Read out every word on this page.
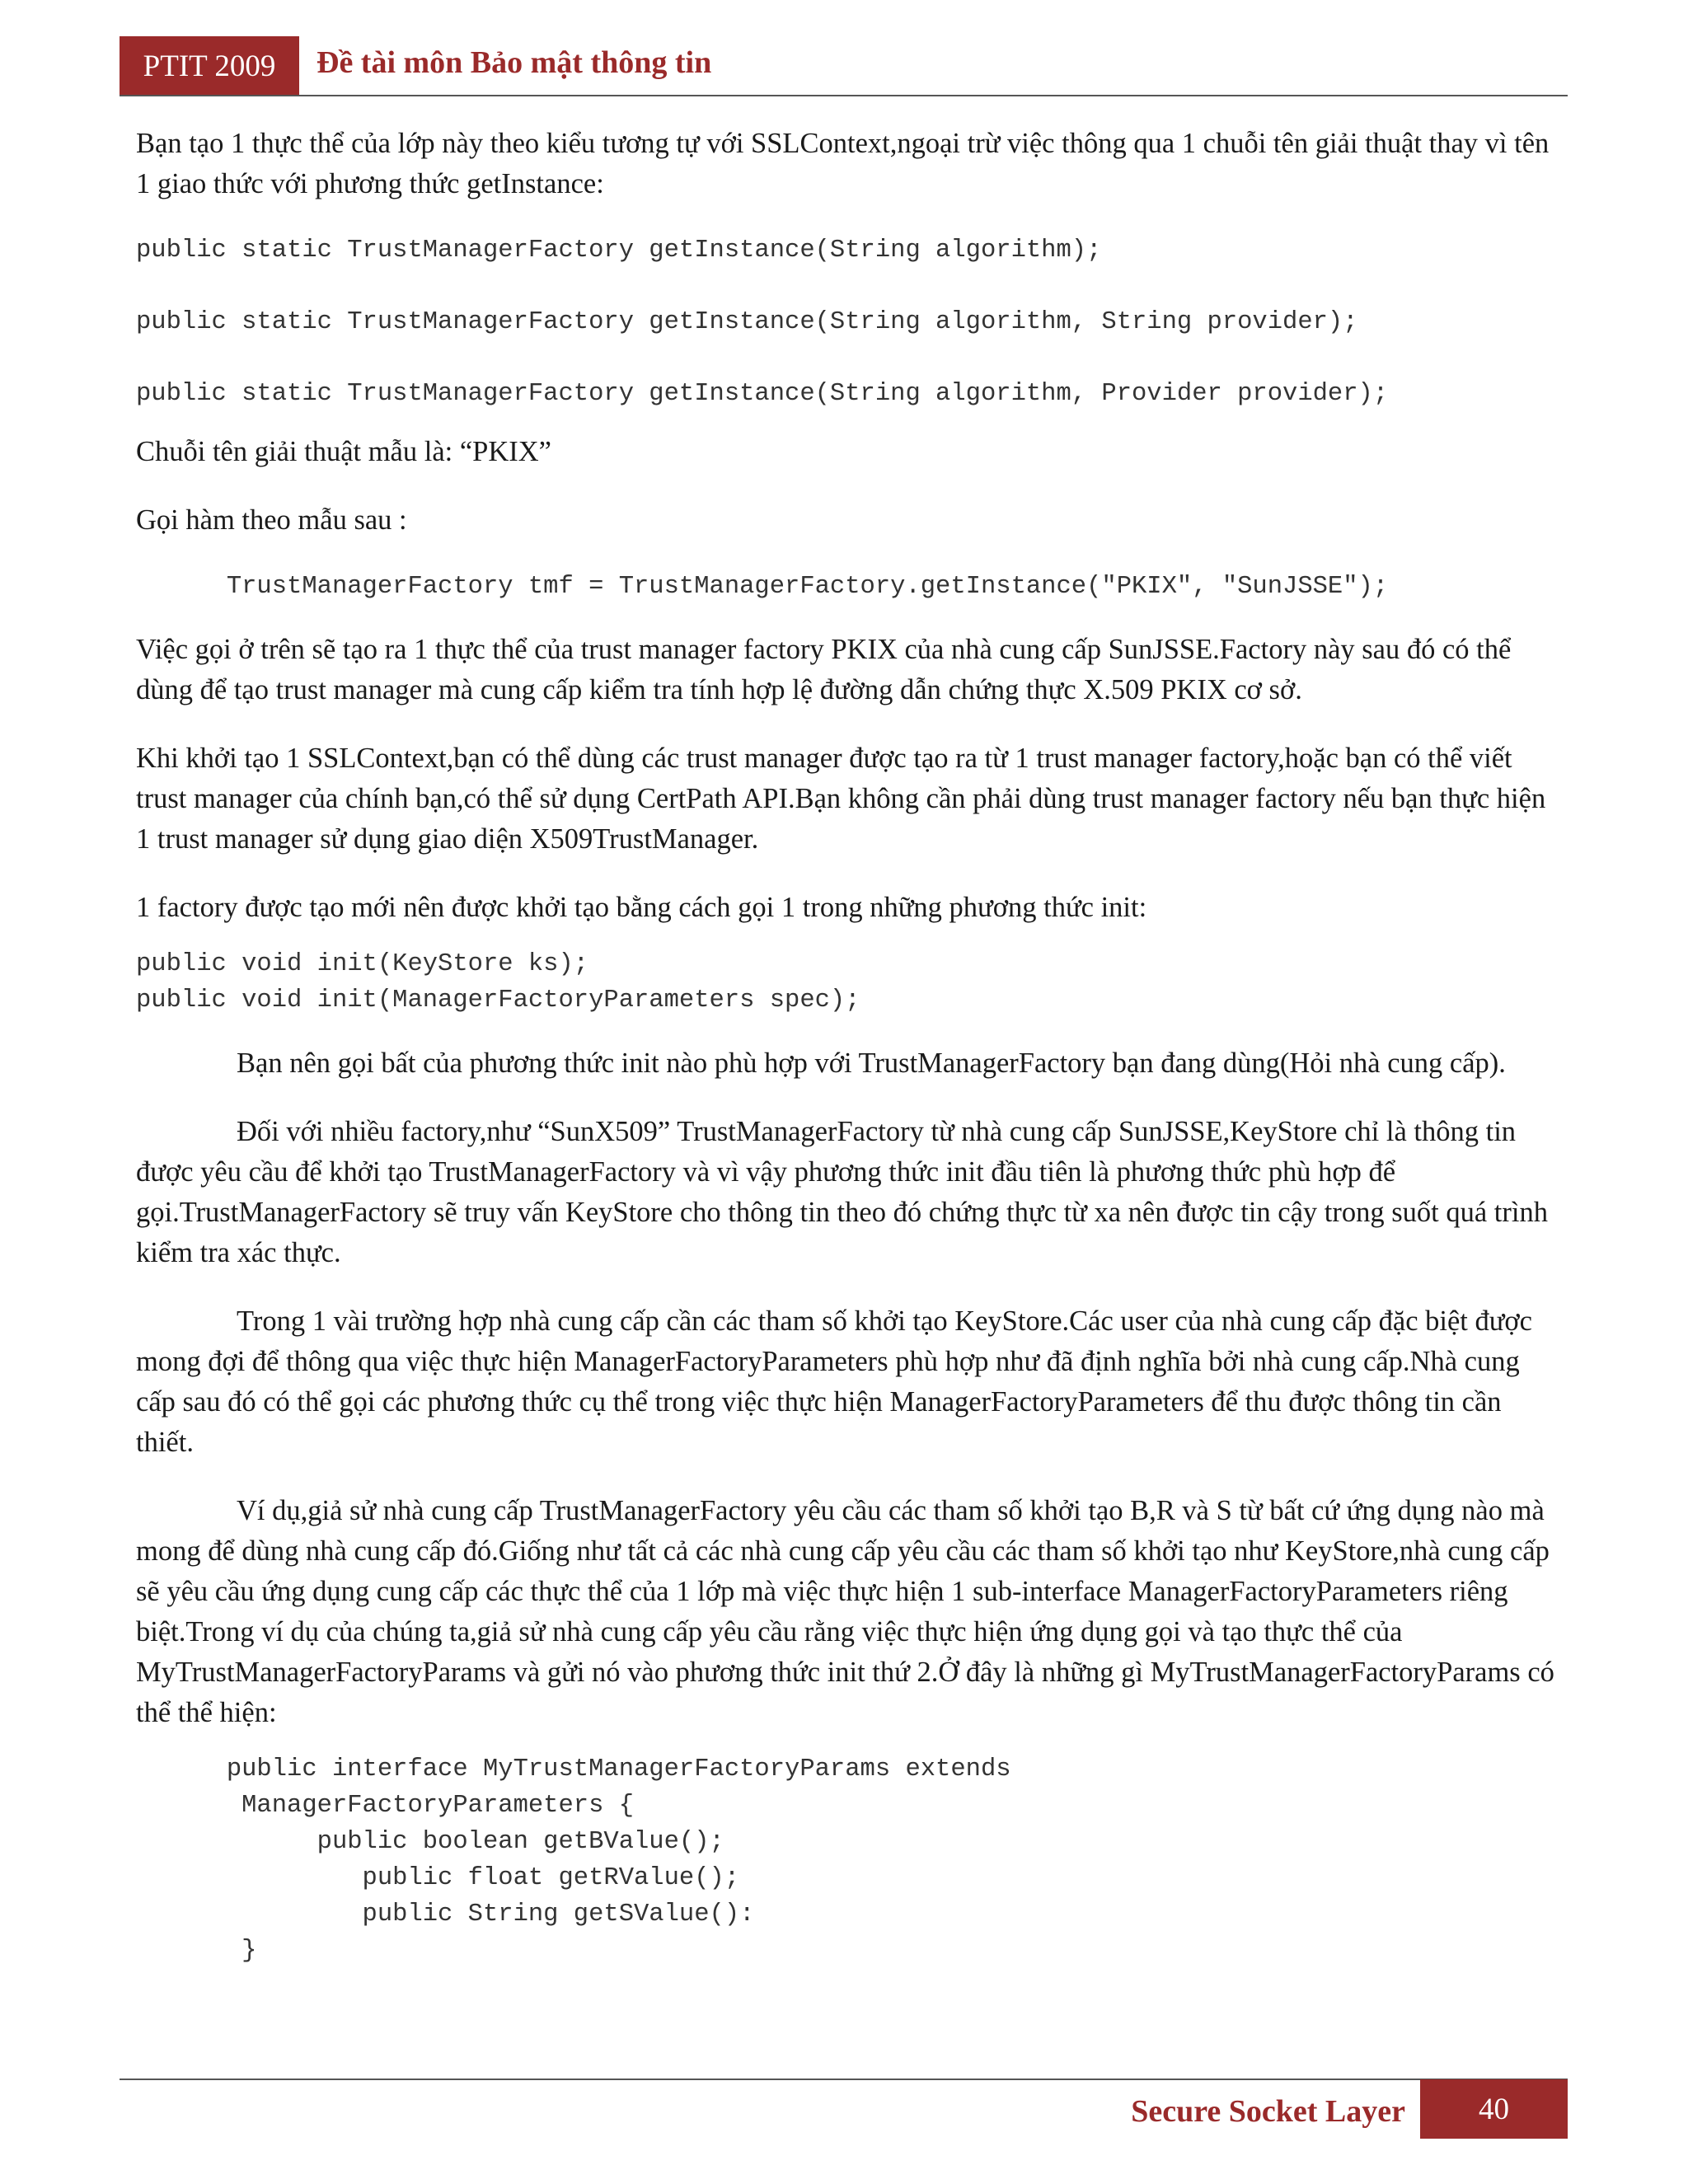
PTIT 2009	Đề tài môn Bảo mật thông tin

Bạn tạo 1 thực thể của lớp này theo kiểu tương tự với SSLContext,ngoại trừ việc thông qua 1 chuỗi tên giải thuật thay vì tên 1 giao thức với phương thức getInstance:

public static TrustManagerFactory getInstance(String algorithm);
public static TrustManagerFactory getInstance(String algorithm, String provider);
public static TrustManagerFactory getInstance(String algorithm, Provider provider);

Chuỗi tên giải thuật mẫu là: “PKIX”

Gọi hàm theo mẫu sau :

TrustManagerFactory tmf = TrustManagerFactory.getInstance("PKIX", "SunJSSE");

Việc gọi ở trên sẽ tạo ra 1 thực thể của trust manager factory PKIX của nhà cung cấp SunJSSE.Factory này sau đó có thể dùng để tạo trust manager mà cung cấp kiểm tra tính hợp lệ đường dẫn chứng thực X.509 PKIX cơ sở.

Khi khởi tạo 1 SSLContext,bạn có thể dùng các trust manager được tạo ra từ 1 trust manager factory,hoặc bạn có thể viết trust manager của chính bạn,có thể sử dụng CertPath API.Bạn không cần phải dùng trust manager factory nếu bạn thực hiện 1 trust manager sử dụng giao diện X509TrustManager.

1 factory được tạo mới nên được khởi tạo bằng cách gọi 1 trong những phương thức init:

public void init(KeyStore ks);
public void init(ManagerFactoryParameters spec);

Bạn nên gọi bất của phương thức init nào phù hợp với TrustManagerFactory bạn đang dùng(Hỏi nhà cung cấp).

Đối với nhiều factory,như “SunX509” TrustManagerFactory từ nhà cung cấp SunJSSE,KeyStore chỉ là thông tin được yêu cầu để khởi tạo TrustManagerFactory và vì vậy phương thức init đầu tiên là phương thức phù hợp để gọi.TrustManagerFactory sẽ truy vấn KeyStore cho thông tin theo đó chứng thực từ xa nên được tin cậy trong suốt quá trình kiểm tra xác thực.

Trong 1 vài trường hợp nhà cung cấp cần các tham số khởi tạo KeyStore.Các user của nhà cung cấp đặc biệt được mong đợi để thông qua việc thực hiện ManagerFactoryParameters phù hợp như đã định nghĩa bởi nhà cung cấp.Nhà cung cấp sau đó có thể gọi các phương thức cụ thể trong việc thực hiện ManagerFactoryParameters để thu được thông tin cần thiết.

Ví dụ,giả sử nhà cung cấp TrustManagerFactory yêu cầu các tham số khởi tạo B,R và S từ bất cứ ứng dụng nào mà mong để dùng nhà cung cấp đó.Giống như tất cả các nhà cung cấp yêu cầu các tham số khởi tạo như KeyStore,nhà cung cấp sẽ yêu cầu ứng dụng cung cấp các thực thể của 1 lớp mà việc thực hiện 1 sub-interface ManagerFactoryParameters riêng biệt.Trong ví dụ của chúng ta,giả sử nhà cung cấp yêu cầu rằng việc thực hiện ứng dụng gọi và tạo thực thể của MyTrustManagerFactoryParams và gửi nó vào phương thức init thứ 2.Ở đây là những gì MyTrustManagerFactoryParams có thể thể hiện:

public interface MyTrustManagerFactoryParams extends
ManagerFactoryParameters {
public boolean getBValue();
public float getRValue();
public String getSValue():
}
Secure Socket Layer	40
